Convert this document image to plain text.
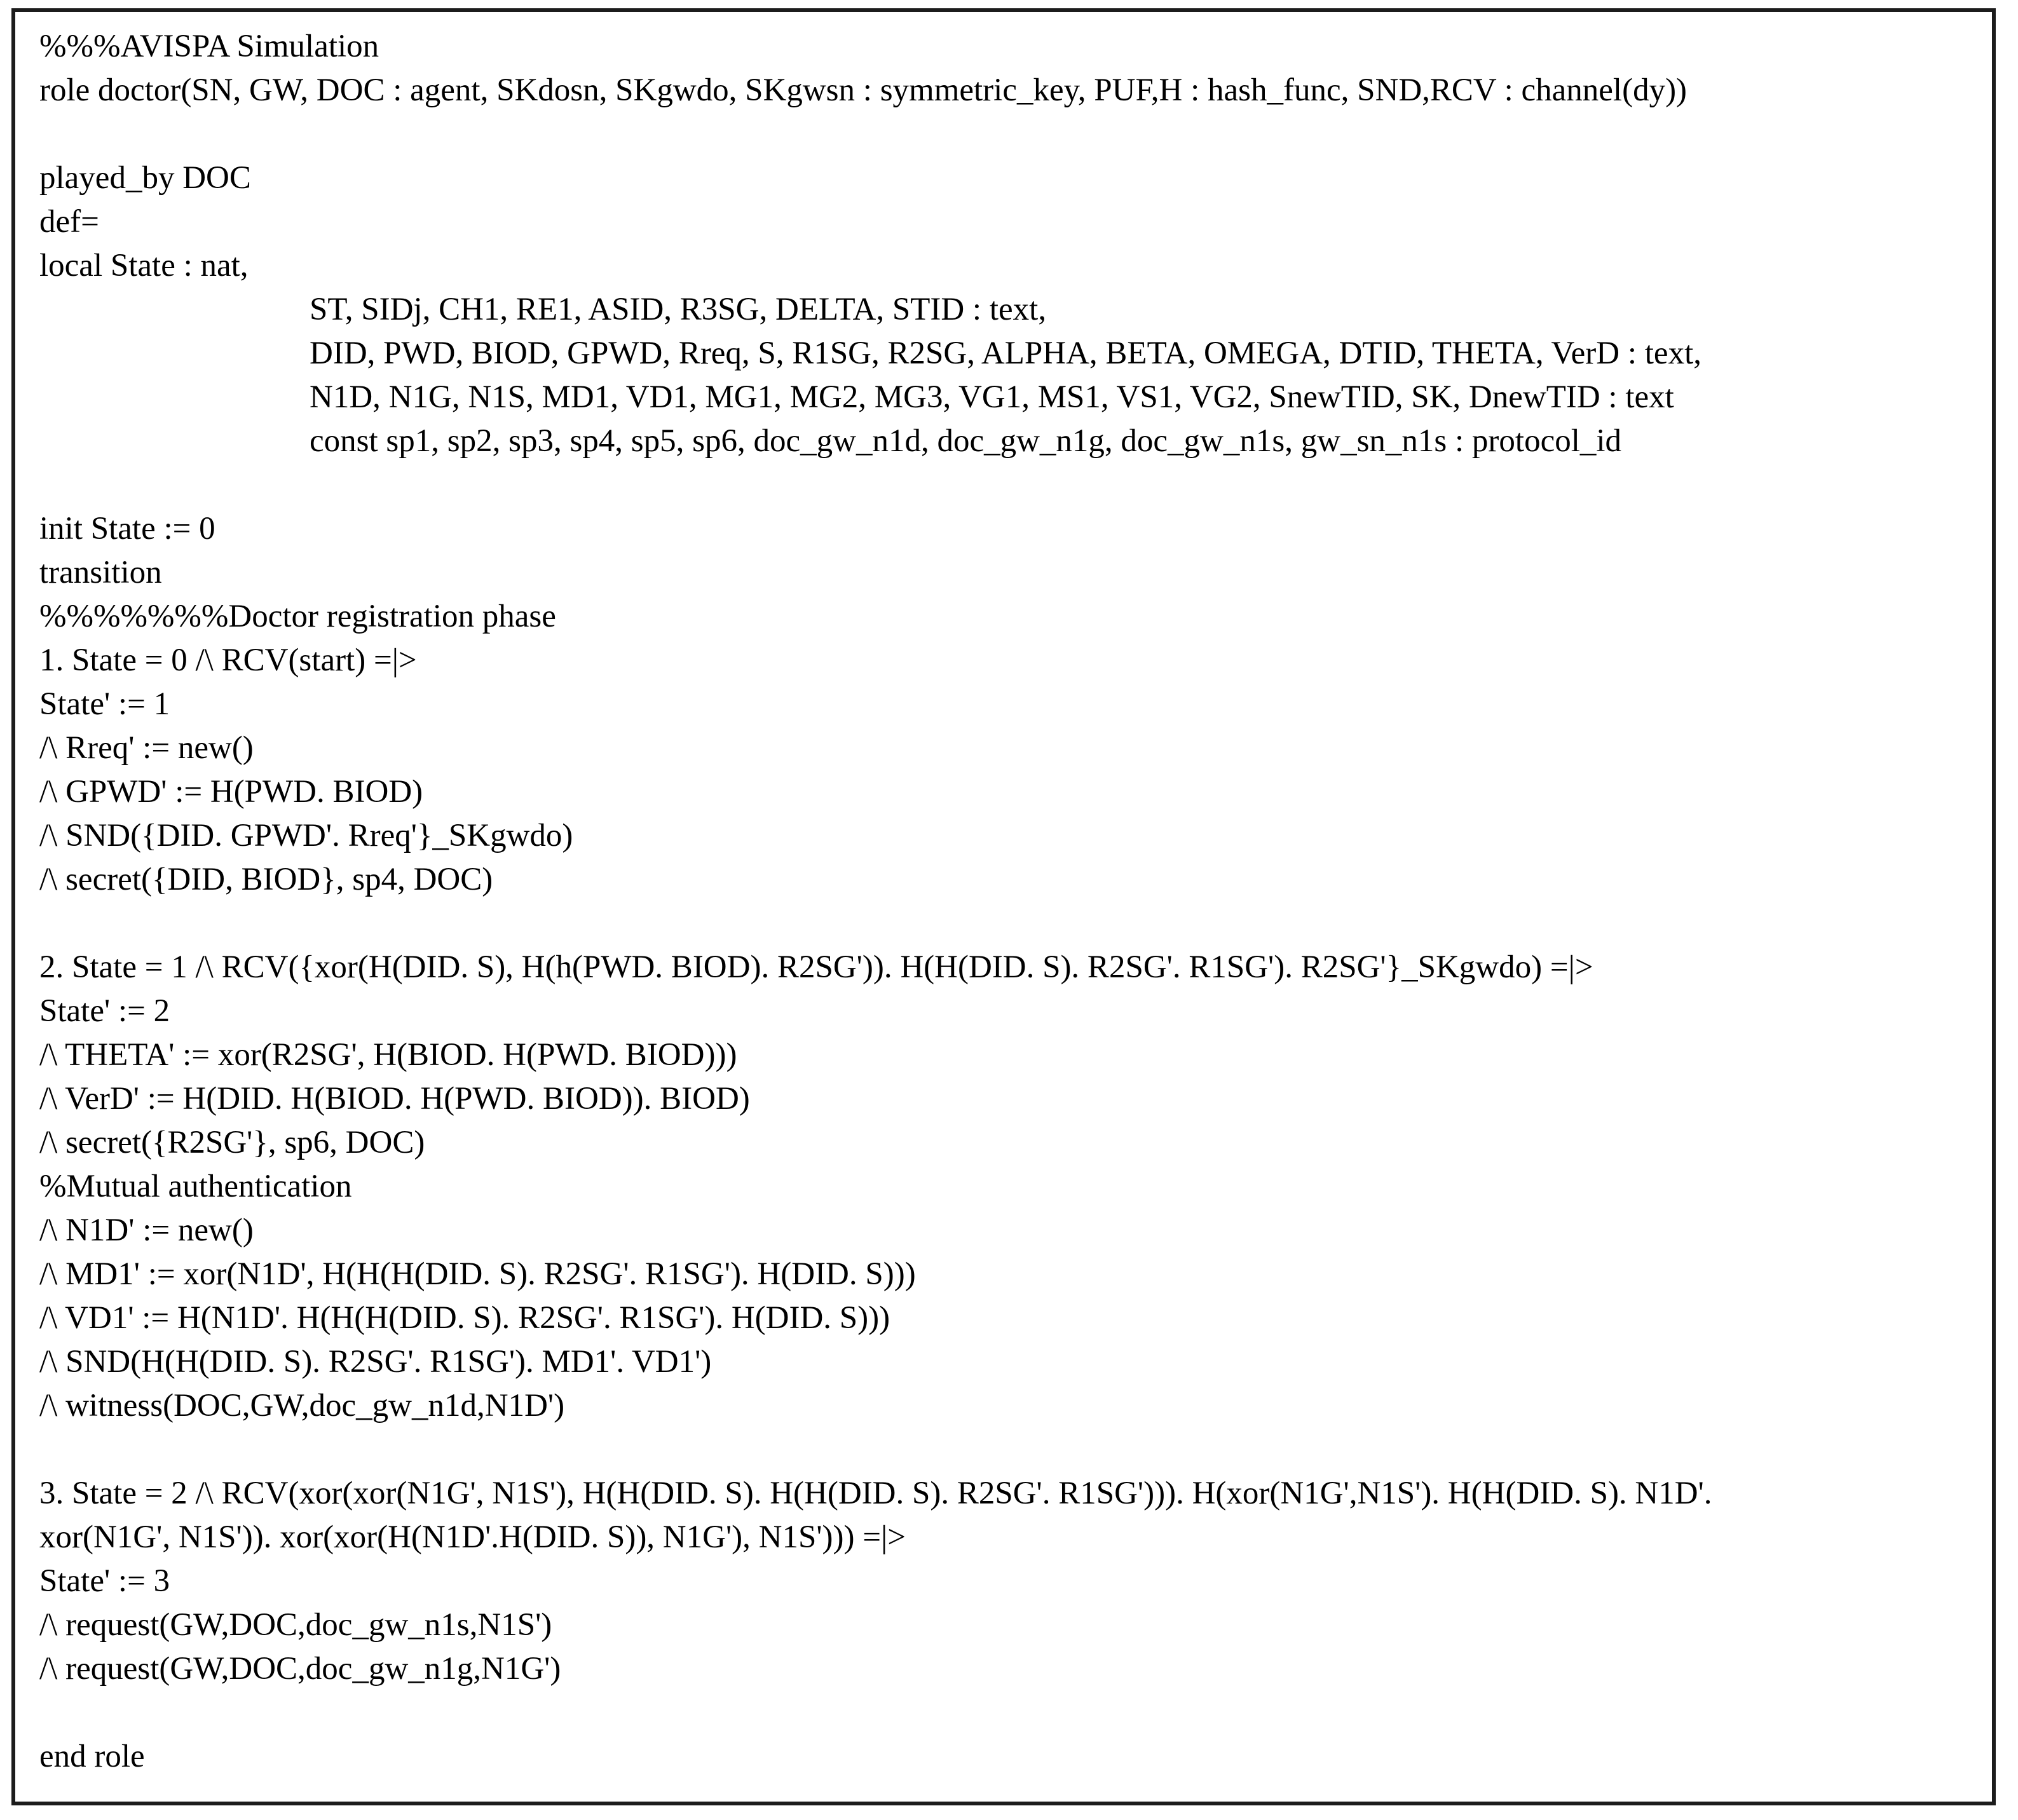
%%%AVISPA Simulation
role doctor(SN, GW, DOC : agent, SKdosn, SKgwdo, SKgwsn : symmetric_key, PUF,H : hash_func, SND,RCV : channel(dy))
played_by DOC
def=
local State : nat,
ST, SIDj, CH1, RE1, ASID, R3SG, DELTA, STID : text,
DID, PWD, BIOD, GPWD, Rreq, S, R1SG, R2SG, ALPHA, BETA, OMEGA, DTID, THETA, VerD : text,
N1D, N1G, N1S, MD1, VD1, MG1, MG2, MG3, VG1, MS1, VS1, VG2, SnewTID, SK, DnewTID : text
const sp1, sp2, sp3, sp4, sp5, sp6, doc_gw_n1d, doc_gw_n1g, doc_gw_n1s, gw_sn_n1s : protocol_id
init State := 0
transition
%%%%%%%Doctor registration phase
1. State = 0 /\ RCV(start) =|>
State' := 1
/\ Rreq' := new()
/\ GPWD' := H(PWD. BIOD)
/\ SND({DID. GPWD'. Rreq'}_SKgwdo)
/\ secret({DID, BIOD}, sp4, DOC)
2. State = 1 /\ RCV({xor(H(DID. S), H(h(PWD. BIOD). R2SG')). H(H(DID. S). R2SG'. R1SG'). R2SG'}_SKgwdo) =|>
State' := 2
/\ THETA' := xor(R2SG', H(BIOD. H(PWD. BIOD)))
/\ VerD' := H(DID. H(BIOD. H(PWD. BIOD)). BIOD)
/\ secret({R2SG'}, sp6, DOC)
%Mutual authentication
/\ N1D' := new()
/\ MD1' := xor(N1D', H(H(H(DID. S). R2SG'. R1SG'). H(DID. S)))
/\ VD1' := H(N1D'. H(H(H(DID. S). R2SG'. R1SG'). H(DID. S)))
/\ SND(H(H(DID. S). R2SG'. R1SG'). MD1'. VD1')
/\ witness(DOC,GW,doc_gw_n1d,N1D')
3. State = 2 /\ RCV(xor(xor(N1G', N1S'), H(H(DID. S). H(H(DID. S). R2SG'. R1SG'))). H(xor(N1G',N1S'). H(H(DID. S). N1D'.
xor(N1G', N1S')). xor(xor(H(N1D'.H(DID. S)), N1G'), N1S'))) =|>
State' := 3
/\ request(GW,DOC,doc_gw_n1s,N1S')
/\ request(GW,DOC,doc_gw_n1g,N1G')
end role
